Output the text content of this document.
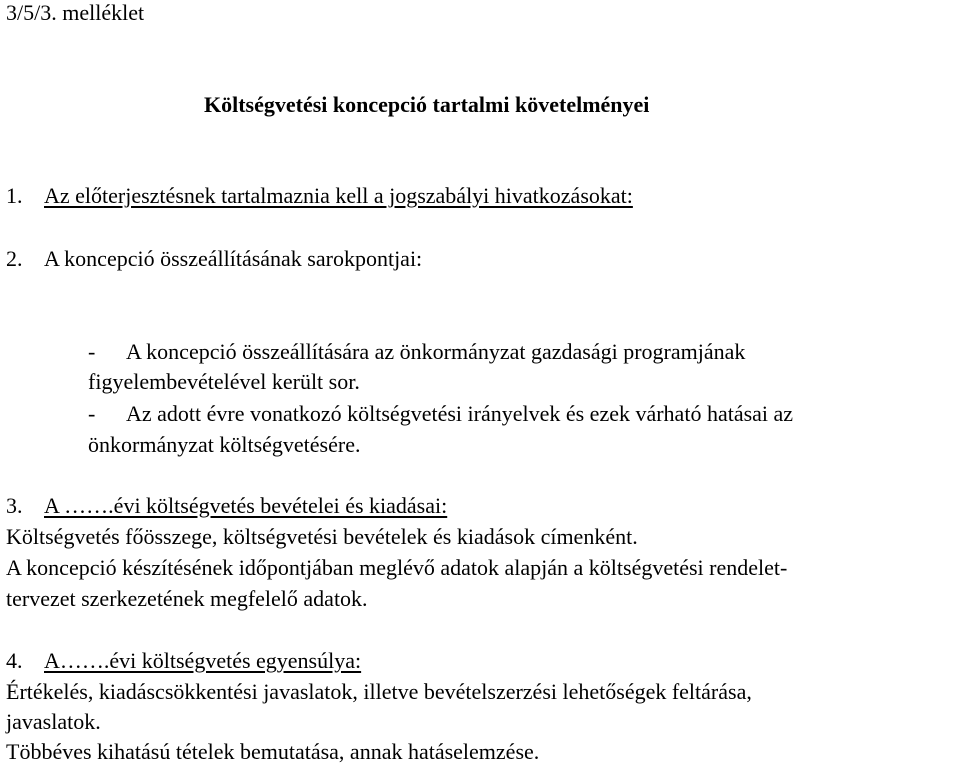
3/5/3. melléklet
Költségvetési koncepció tartalmi követelményei
1. Az előterjesztésnek tartalmaznia kell a jogszabályi hivatkozásokat:
2. A koncepció összeállításának sarokpontjai:
- A koncepció összeállítására az önkormányzat gazdasági programjának
figyelembevételével került sor.
- Az adott évre vonatkozó költségvetési irányelvek és ezek várható hatásai az
önkormányzat költségvetésére.
3. A …….évi költségvetés bevételei és kiadásai:
Költségvetés főösszege, költségvetési bevételek és kiadások címenként.
A koncepció készítésének időpontjában meglévő adatok alapján a költségvetési rendelet-
tervezet szerkezetének megfelelő adatok.
4. A…….évi költségvetés egyensúlya:
Értékelés, kiadáscsökkentési javaslatok, illetve bevételszerzési lehetőségek feltárása,
javaslatok.
Többéves kihatású tételek bemutatása, annak hatáselemzése.
